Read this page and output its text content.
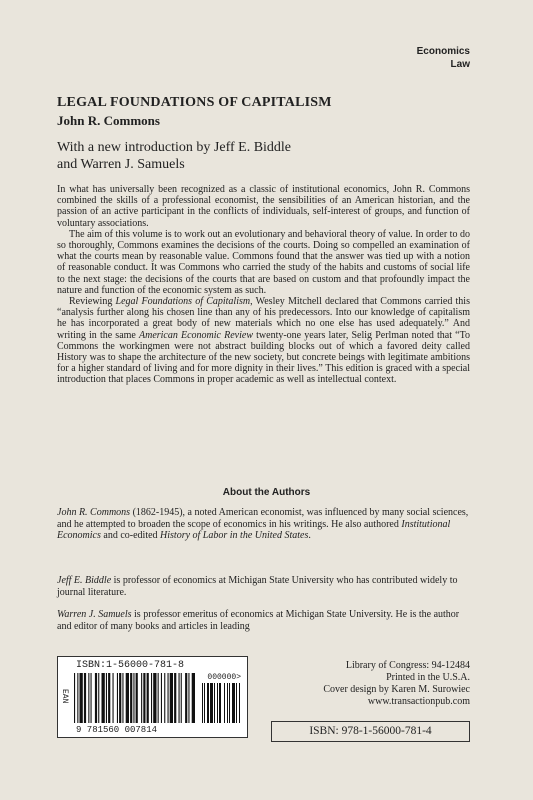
Economics
Law
LEGAL FOUNDATIONS OF CAPITALISM
John R. Commons
With a new introduction by Jeff E. Biddle
and Warren J. Samuels

In what has universally been recognized as a classic of institutional economics, John R. Commons combined the skills of a professional economist, the sensibilities of an American historian, and the passion of an active participant in the conflicts of individuals, self-interest of groups, and function of voluntary associations.

The aim of this volume is to work out an evolutionary and behavioral theory of value. In order to do so thoroughly, Commons examines the decisions of the courts. Doing so compelled an examination of what the courts mean by reasonable value. Commons found that the answer was tied up with a notion of reasonable conduct. It was Commons who carried the study of the habits and customs of social life to the next stage: the decisions of the courts that are based on custom and that profoundly impact the nature and function of the economic system as such.

Reviewing Legal Foundations of Capitalism, Wesley Mitchell declared that Commons carried this “analysis further along his chosen line than any of his predecessors. Into our knowledge of capitalism he has incorporated a great body of new materials which no one else has used adequately.” And writing in the same American Economic Review twenty-one years later, Selig Perlman noted that “To Commons the workingmen were not abstract building blocks out of which a favored deity called History was to shape the architecture of the new society, but concrete beings with legitimate ambitions for a higher standard of living and for more dignity in their lives.” This edition is graced with a special introduction that places Commons in proper academic as well as intellectual context.

About the Authors
John R. Commons (1862-1945), a noted American economist, was influenced by many social sciences, and he attempted to broaden the scope of economics in his writings. He also authored Institutional Economics and co-edited History of Labor in the United States.
Jeff E. Biddle is professor of economics at Michigan State University who has contributed widely to journal literature.
Warren J. Samuels is professor emeritus of economics at Michigan State University. He is the author and editor of many books and articles in leading
ISBN:1-56000-781-8
EAN
000000>
9 781560 007814
Library of Congress: 94-12484
Printed in the U.S.A.
Cover design by Karen M. Surowiec
www.transactionpub.com
ISBN: 978-1-56000-781-4
